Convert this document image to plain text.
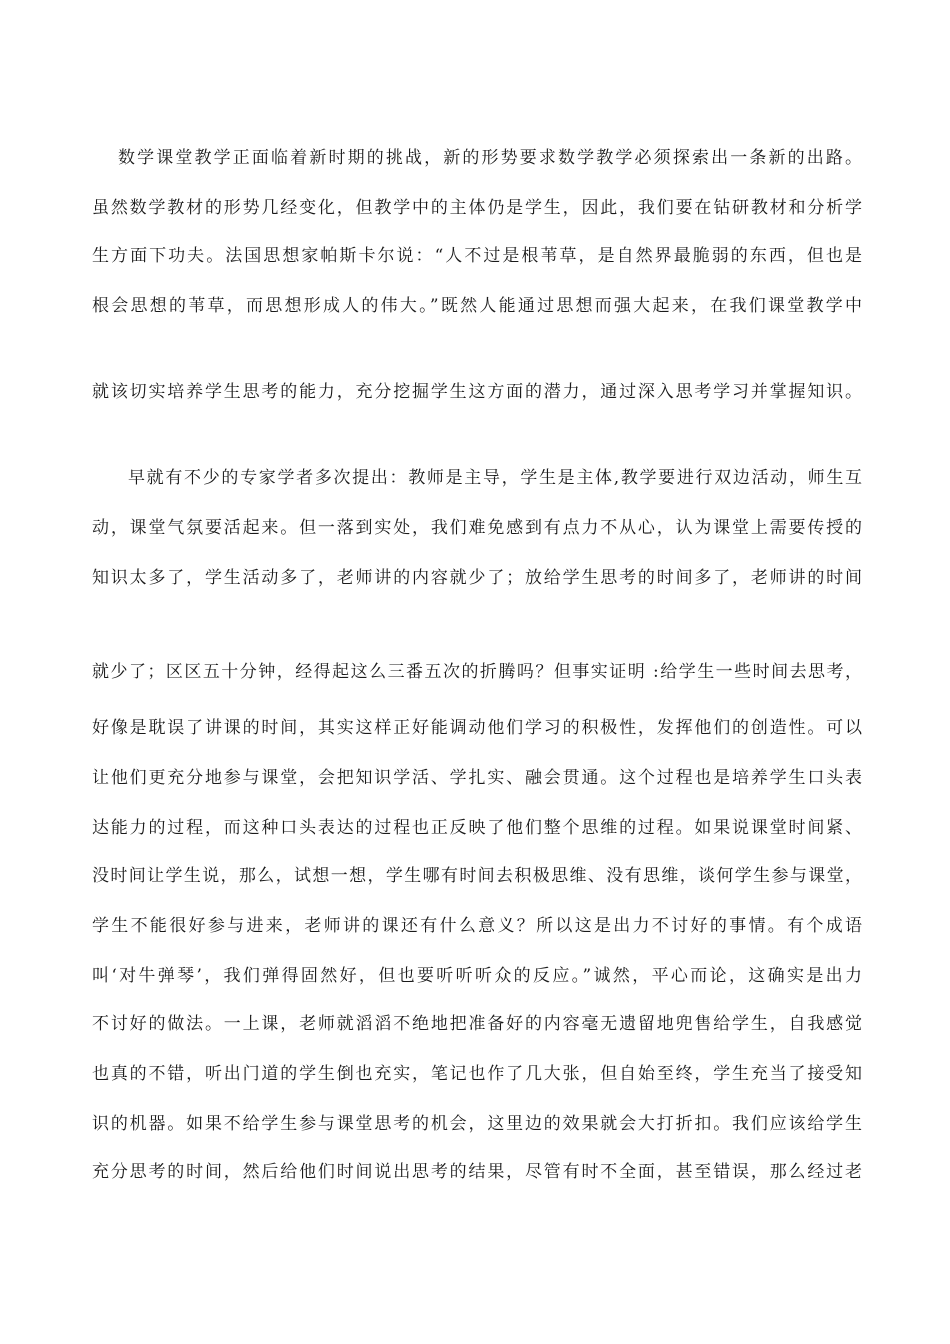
数学课堂教学正面临着新时期的挑战，新的形势要求数学教学必须探索出一条新的出路。

虽然数学教材的形势几经变化，但教学中的主体仍是学生，因此，我们要在钻研教材和分析学

生方面下功夫。法国思想家帕斯卡尔说：“人不过是根苇草，是自然界最脆弱的东西，但也是

根会思想的苇草，而思想形成人的伟大。”既然人能通过思想而强大起来，在我们课堂教学中

就该切实培养学生思考的能力，充分挖掘学生这方面的潜力，通过深入思考学习并掌握知识。

早就有不少的专家学者多次提出：教师是主导，学生是主体,教学要进行双边活动，师生互

动，课堂气氛要活起来。但一落到实处，我们难免感到有点力不从心，认为课堂上需要传授的

知识太多了，学生活动多了，老师讲的内容就少了；放给学生思考的时间多了，老师讲的时间

就少了；区区五十分钟，经得起这么三番五次的折腾吗？但事实证明 :给学生一些时间去思考，

好像是耽误了讲课的时间，其实这样正好能调动他们学习的积极性，发挥他们的创造性。可以

让他们更充分地参与课堂，会把知识学活、学扎实、融会贯通。这个过程也是培养学生口头表

达能力的过程，而这种口头表达的过程也正反映了他们整个思维的过程。如果说课堂时间紧、

没时间让学生说，那么，试想一想，学生哪有时间去积极思维、没有思维，谈何学生参与课堂，

学生不能很好参与进来，老师讲的课还有什么意义？所以这是出力不讨好的事情。有个成语

叫‘对牛弹琴’，我们弹得固然好，但也要听听听众的反应。”诚然，平心而论，这确实是出力

不讨好的做法。一上课，老师就滔滔不绝地把准备好的内容毫无遗留地兜售给学生，自我感觉

也真的不错，听出门道的学生倒也充实，笔记也作了几大张，但自始至终，学生充当了接受知

识的机器。如果不给学生参与课堂思考的机会，这里边的效果就会大打折扣。我们应该给学生

充分思考的时间，然后给他们时间说出思考的结果，尽管有时不全面，甚至错误，那么经过老
